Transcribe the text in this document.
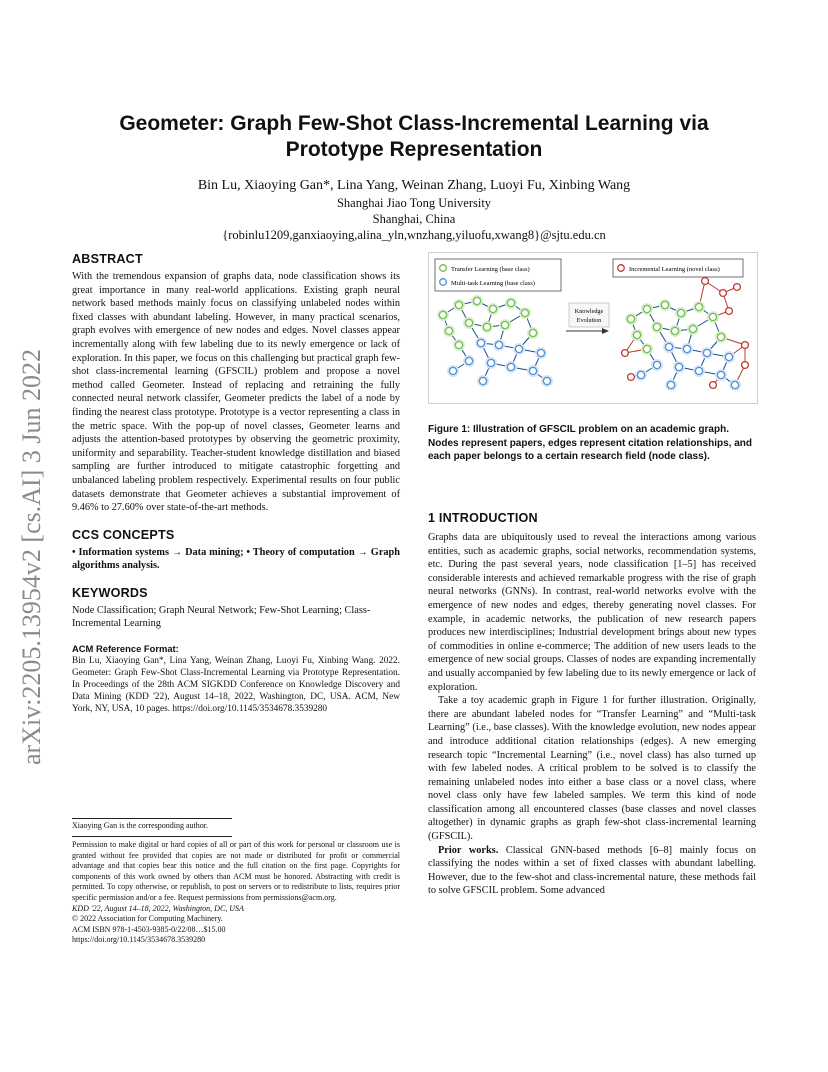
arXiv:2205.13954v2 [cs.AI] 3 Jun 2022
Geometer: Graph Few-Shot Class-Incremental Learning via
Prototype Representation
Bin Lu, Xiaoying Gan*, Lina Yang, Weinan Zhang, Luoyi Fu, Xinbing Wang
Shanghai Jiao Tong University
Shanghai, China
{robinlu1209,ganxiaoying,alina_yln,wnzhang,yiluofu,xwang8}@sjtu.edu.cn
ABSTRACT

With the tremendous expansion of graphs data, node classification shows its great importance in many real-world applications. Existing graph neural network based methods mainly focus on classifying unlabeled nodes within fixed classes with abundant labeling. However, in many practical scenarios, graph evolves with emergence of new nodes and edges. Novel classes appear incrementally along with few labeling due to its newly emergence or lack of exploration. In this paper, we focus on this challenging but practical graph few-shot class-incremental learning (GFSCIL) problem and propose a novel method called Geometer. Instead of replacing and retraining the fully connected neural network classifer, Geometer predicts the label of a node by finding the nearest class prototype. Prototype is a vector representing a class in the metric space. With the pop-up of novel classes, Geometer learns and adjusts the attention-based prototypes by observing the geometric proximity, uniformity and separability. Teacher-student knowledge distillation and biased sampling are further introduced to mitigate catastrophic forgetting and unbalanced labeling problem respectively. Experimental results on four public datasets demonstrate that Geometer achieves a substantial improvement of 9.46% to 27.60% over state-of-the-art methods.

CCS CONCEPTS

• Information systems → Data mining; • Theory of computation → Graph algorithms analysis.

KEYWORDS

Node Classification; Graph Neural Network; Few-Shot Learning; Class-Incremental Learning

ACM Reference Format:

Bin Lu, Xiaoying Gan*, Lina Yang, Weinan Zhang, Luoyi Fu, Xinbing Wang. 2022. Geometer: Graph Few-Shot Class-Incremental Learning via Prototype Representation. In Proceedings of the 28th ACM SIGKDD Conference on Knowledge Discovery and Data Mining (KDD '22), August 14–18, 2022, Washington, DC, USA. ACM, New York, NY, USA, 10 pages. https://doi.org/10.1145/3534678.3539280

Xiaoying Gan is the corresponding author.

Permission to make digital or hard copies of all or part of this work for personal or classroom use is granted without fee provided that copies are not made or distributed for profit or commercial advantage and that copies bear this notice and the full citation on the first page. Copyrights for components of this work owned by others than ACM must be honored. Abstracting with credit is permitted. To copy otherwise, or republish, to post on servers or to redistribute to lists, requires prior specific permission and/or a fee. Request permissions from permissions@acm.org.

KDD '22, August 14–18, 2022, Washington, DC, USA
© 2022 Association for Computing Machinery.
ACM ISBN 978-1-4503-9385-0/22/08…$15.00
https://doi.org/10.1145/3534678.3539280
Transfer Learning (base class)
Multi-task Learning (base class)
Incremental Learning (novel class)
Knowledge
Evolution
Figure 1: Illustration of GFSCIL problem on an academic graph. Nodes represent papers, edges represent citation relationships, and each paper belongs to a certain research field (node class).
1 INTRODUCTION

Graphs data are ubiquitously used to reveal the interactions among various entities, such as academic graphs, social networks, recommendation systems, etc. During the past several years, node classification [1–5] has received considerable interests and achieved remarkable progress with the rise of graph neural networks (GNNs). In contrast, real-world networks evolve with the emergence of new nodes and edges, thereby generating novel classes. For example, in academic networks, the publication of new research papers produces new interdisciplines; Industrial development brings about new types of commodities in online e-commerce; The addition of new users leads to the emergence of new social groups. Classes of nodes are expanding incrementally and usually accompanied by few labeling due to its newly emergence or lack of exploration.

Take a toy academic graph in Figure 1 for further illustration. Originally, there are abundant labeled nodes for “Transfer Learning” and “Multi-task Learning” (i.e., base classes). With the knowledge evolution, new nodes appear and introduce additional citation relationships (edges). A new emerging research topic “Incremental Learning” (i.e., novel class) has also turned up with few labeled nodes. A critical problem to be solved is to classify the remaining unlabeled nodes into either a base class or a novel class, where novel class only have few labeled samples. We term this kind of node classification among all encountered classes (base classes and novel classes altogether) in dynamic graphs as graph few-shot class-incremental learning (GFSCIL).

Prior works. Classical GNN-based methods [6–8] mainly focus on classifying the nodes within a set of fixed classes with abundant labelling. However, due to the few-shot and class-incremental nature, these methods fail to solve GFSCIL problem. Some advanced
